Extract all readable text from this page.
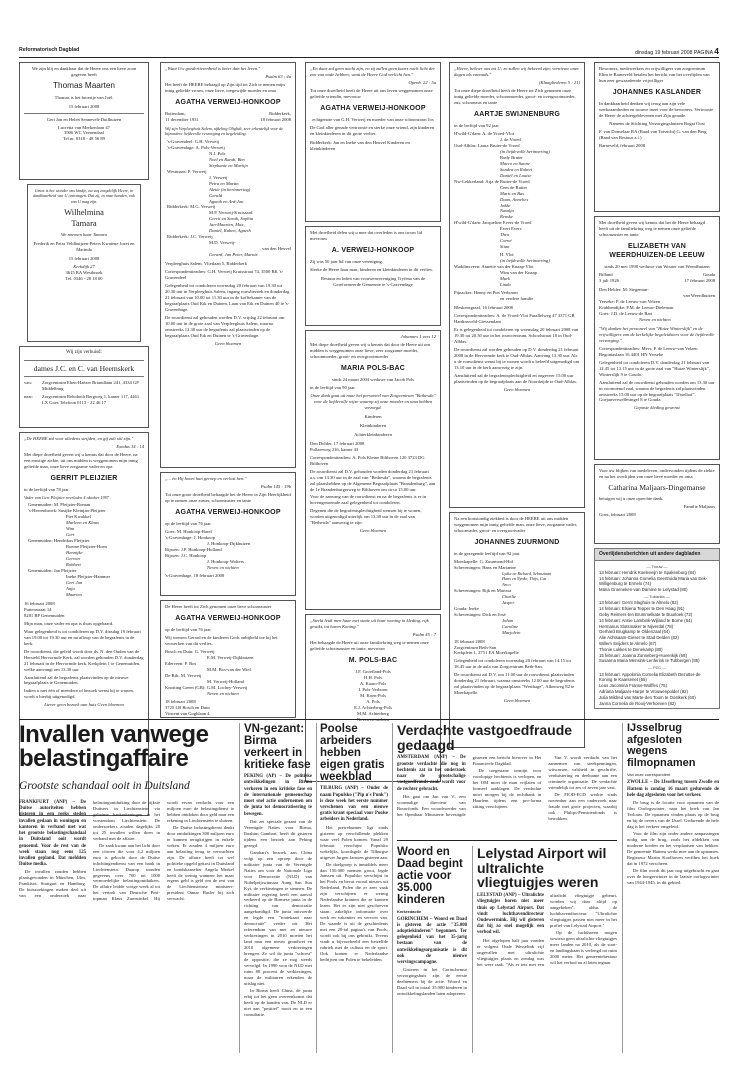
Reformatorisch Dagblad	dinsdag 19 februari 2008 PAGINA 4

We zijn blij en dankbaar dat de Heere ons een lieve zoon gegeven heeft

Thomas Maarten

Thomas is het broertje van Joël.

15 februari 2008

Gert Jan en Helen Sennevelt-Duifhuizen

Lucretia van Merkenlaan 47

3906 WC Veenendaal

Tel.nr. 0318 - 48 56 89

Groot is het wonder ons kindje, na vaş zorgdelijk Heere, in dankbaarheid van U ontvangen. Dat zij, in onze handen, ook van U mag zijn.

Wilhelmina
Tamara

We noemen haar Tamara

Frederik en Petra Veldhuijzen-Peters Kwatene Jozet en Marinda

15 februari 2008

Kerkdijk 27

3615 BA Westbroek

Tel. 0346 - 28 18 00

Wij zijn verhuisd:

dames J.C. en C. van Heemskerk
van:	Zorgcentrum Eben-Haëzer Briandlaan 241, 4334 GP Middelburg
naar:	Zorgcentrum Rehoboth Bergweg 1, kamer 117, 4461 LX Goes Telefoon 0113 - 22 46 17

„De HEERE zal voor uliedens strijden, en gij zult stil zijn."

Exodus 14 : 14

Met diepe droefheid geven wij u kennis dat door de Heere, na een ernstige ziekte, uit ons midden is weggenomen mijn innig geliefde man, onze lieve zorgzame vader en opa

GERRIT PLEIJZIER

in de leeftijd van 78 jaar.

Vader van Gert Pleijzier overleden 4 oktober 1997

Genemuiden: M. Pleijzier-Roman
's-Heerenbroek: Susijke Kleinjan-Pleijzier
Piet Kwakkel
Marleen en Klaas
Wim
Gert
Genemuiden: Hendrikus Pleijzier
Roeine Pleijzier-Hoen
Hennijke
Gerwin
Robbert
Genemuiden: Jan Pleijzier
Ineke Pleijzier-Hammer
Gert Jan
Anja
Maarten

16 februari 2008

Puttenstraat 14

8281 BP Genemuiden

Mijn man, onze vader en opa is thuis opgebaard.

Waar gelegenheid is tot condoleren op D.V. dinsdag 19 februari van 19.00 tot 19.30 uur en na afloop van de begrafenis in de kerk.

De rouwdienst, die geleid wordt door ds. N. den Ouden van de Hersteld Hervormde Kerk, zal worden gehouden D.V. donderdag 21 februari in de Hervormde kerk, Kerkplein 1 te Genemuiden, welke aanvangt om 13.30 uur.

Aansluitend zal de begrafenis plaatsvinden op de nieuwe begraafplaats te Genemuiden.

Indien u met één of meerdere of bezoek wenst bij te wonen, wordt u hierbij uitgenodigd.

Liever geen bezoek aan huis Geen bloemen

„Want Uw goedertierenheid is beter dan het leven."

Psalm 63 : 4a

Het heeft de HEERE behaagd op Zijn tijd tot Zich te nemen mijn innig geliefde vrouw, onze lieve, toegewijde moeder en oma

AGATHA VERWEIJ-HONKOOP
Botterdam,	Ridderkerk,
11 december 1931	18 februari 2008

Wij zijn Verpleeghuis Salem, afdeling Oliglidt, zeer erkentelijk voor de bijzondere liefdevolle verzorging en begeleiding.

's-Gravendeel: G.H. Verweij
's-Gravendage: A. Pols-Verweij
N.J. Pols
Noel en Randi, Ben
Stephanie en Martijn
Westmaas: P. Verweij
J. Verweij
Petra en Martin
Alette (in herinnering)
Gerald
Agneth en Ard-Jan
Ridderkerk: M.G. Verweij
M.P. Verweij-Kruisaard
Gerrit en Sarah, Sophia
Jan-Maarten, Max,
Daniël, Ruben, Agneth
Ridderkerk: J.C. Verweij
M.D. Verweij-
van den Heuvel
Gerard, Jan Peter, Marnix

Verpleeghuis Salem, Vlietlaan 5, Ridderkerk

Correspondentieadres: G.H. Verweij Kruisstraat 74, 3500 BK 's-Gravendeel

Gelegenheid tot condoleren woensdag 20 februari van 19.30 tot 20.30 uur in Verpleeghuis Salem, ingang rouwbezoek en donderdag 21 februari van 10.00 tot 11.30 uur in de koffiekamer van de begraafplaats Oud Kik en Duinen, Laan van Eik en Duinen 40 te 's-Gravenhage.

De rouwdienst zal gehouden worden D.V. vrijdag 22 februari om 10.00 uur in de grote zaal van Verpleeghuis Salem, waarna omstreeks 12.30 uur de begrafenis zal plaatsvinden op de begraafplaats Oud Eik en Duinen te 's-Gravenhage.

Geen bloemen

„... én Hij hoort hun geroep en verlost hen."

Psalm 145 : 19b

Tot onze grote droefheid behaagde het de Heere in Zijn Heerlijkheid op te nemen onze zuster, schoonzuster en tante

AGATHA VERWEIJ-HONKOOP

op de leeftijd van 76 jaar.

Goes: M. Honkoop-Barel
's-Gravenhage: J. Honkoop
J. Honkoop-Dijkhuizen
Rijssen: J.P. Honkoop-Holland
Rijssen: J.C. Honkoop
J. Honkoop-Wolters
Neven en nichten

's-Gravenhage, 18 februari 2008

De Heere heeft tot Zich genomen onze lieve schoonzuster

AGATHA VERWEIJ-HONKOOP

op de leeftijd van 76 jaar.

Wij wensen Gerard en de kinderen Gods onbijbeld toe bij het verwerken van dit verlies.

Bosch en Duin: G. Verweij
E.M. Verweij-Dijkhuizen
Ederveen: P. Bos
M.M. Bos-van der Wiel
De Bilt: M. Verweij
M. Verweij-Holland
Knotting Green (GB): G.M. Lochey-Verweij
Neven en nichten

18 februari 2008

3725 LB Bosch en Duin

Vincent van Goghlaan 4

„En daar zal geen nacht zijn, en zij zullen geen kaars noch licht der zon van node hebben; want de Heere God verlicht hen."

Openb. 22 : 5a

Tot onze droefheid heeft de Heere uit ons leven weggenomen onze geliefde vriendin, mevrouw

AGATHA VERWEIJ-HONKOOP

echtgenote van G.H. Verweij en moeder van onze schoonzoon Jos

De God aller genade vertrooste en sterke onze vriend, zijn kinderen en kleinkinderen in dit grote verlies.

Ridderkerk: Jan en Ineke van den Heuvel Kinderen en kleinkinderen

Met droefheid delen wij u mee dat overleden is ons trouw lid mevrouw

A. VERWEIJ-HONKOOP

Zij was 50 jaar lid van onze vereniging.

Sterke de Heere haar man, kinderen en kleinkinderen in dit verlies.

Bestuur en leden van vrouwenvereniging Tryfena van de Gereformeerde Gemeente te 's-Gravendage

Johannes 1 vers 12

Met diepe droefheid geven wij u kennis dat door de Heere uit ons midden is weggenomen onze lieve, zeer zorgzame moeder, schoonmoeder, groot- en overgrootmoeder

MARIA POLS-BAC

sinds 24 maart 2004 weduwe van Jacob Pols

in de leeftijd van 90 jaar.

Onze dank gaat uit naar het personeel van Zorgcentrum "Bethesda" voor de liefdevolle wijze waarop zij onze moeder en oma hebben verzorgd.

Kinderen

Kleinkinderen

Achterkleinkinderen

Den Dolder, 17 februari 2008

Pollaerweg 216, kamer 43

Correspondentieadres: A. Pols Kleine Bilthoven 120 3723 DG Bilthoven

De rouwdienst zal D.V. gehouden worden donderdag 21 februari a.s. om 13.30 uur in de zaal van "Bethesda", waarna de begrafenis zal plaatshebben op de Algemene Begraafplaats "Brandenburg", aan de 1e Brandenburgerweg te Bilthoven om circa 15.00 uur.

Voor de aanvang van de rouwdienst en na de begrafenis is er in bovengenoemde zaal gelegenheid tot condoleren.

Degenen die de begrafenisplechtigheid wensen bij te wonen, worden uitgenodigd uiterlijk om 13.30 uur in de zaal van "Bethesda" aanwezig te zijn.

Geen bloemen

„Sterkt leidt men haar met statie uit haar woning in kleding, rijk gestikt, tot haren Koning."

Psalm 45 : 7

Het behaagde de Heere uit onze familiekring weg te nemen onze geliefde schoonzuster en tante, mevrouw

M. POLS-BAC
J.F. Groefland-Pols
H.H. Pols
A. Kaaro-Pols
I. Pols-Verboon
M. Koen-Pols
A. Pols
E.J. Achterberg-Pols
M.M. Achterberg
Neven en nichten

„Heere, behoer ons tot U; zo zullen wij bekeerd zijn; vernieuw onze dagen als vanouds."

(Klaagliederen 5 : 21)

Tot onze diepe droefheid heeft de Heere tot Zich genomen onze innig geliefde moeder, schoonmoeder, groot- en overgrootmoeder, zus, schoonzus en tante

AARTJE SWIJNENBURG

in de leeftijd van 92 jaar.

H'wild-G'dam: A. de Vroed-Vlot
J. de Vroed
Oud-Alblas: Laura Bruter-de Vroed
(in liefdevolle herinnering)
Rudy Bruter
Marco en Sanne
Sandra en Robert
Daniël en Louise
Nw-Lekkerland: Arja de Ruiter-de Vroed
Cees de Ruiter
Marit en Bas
Daan, Annelies
Jokke
Natalja
Renske
H'wild-G'dam: Jacqueline Evers-de Vroed
Evert Evers
Theo
Corné
Stian
H. Vlot
(in liefdevolle herinnering)
Waddinxveen: Annette van der Knaap-Vlot
Wim van der Knaap
Mark
Linda
Pijnacker: Henny en Piet Verboom
en verdere familie

Bleskensgraaf, 16 februari 2008

Correspondentieadres: A. de Vroed-Vlot Parallelweg 47 3371 GB Hardinxveld-Giessendam

Er is gelegenheid tot condoleren op woensdag 20 februari 2008 van 19.30 tot 20.30 uur in het rouwcentrum, Schoolstraat 18 in Oud-Alblas.

De rouwdienst zal worden gehouden op D.V. donderdag 21 februari 2008 in de Hervormde kerk te Oud-Alblas. Aanvang 13.30 uur. Als u de rouwdienst wenst bij te wonen wordt u beleefd uitgenodigd om 13.10 uur in de kerk aanwezig te zijn.

Aansluitend zal de begrafenisplechtigheid en ongeveer 15.00 uur plaatsvinden op de begraafplaats aan de Noordzijde te Oud-Alblas.

Geen bloemen

Na een kortstondig ziekbed is door de HEERE uit ons midden weggenomen mijn innig geliefde man, onze lieve, zorgzame vader, schoonvader, groot- en overgrootvader

JOHANNES ZUURMOND

in de gezegende leeftijd van 92 jaar.

Moerkapelle: G. Zuurmond-Hol
Scheveningen: Hans en Marianne
Lydia en Richard, Sebastiaan
Hans en Nynke, Thijs, Cas
Arco
Scheveningen: Rijk en Marissa
Charlie
Jasper
Gouda: Ineke
Scheveningen: Dick en José
Johan
Caroline
Marjolein

18 februari 2008

Zorgcentrum Beth-San

Kerkplein 1, 2751 EA Moerkapelle

Gelegenheid tot condoleren woensdag 20 februari van 14.15 tot 18.45 uur in de aula van Zorgcentrum Beth-San.

De rouwdienst zal D.V. om 11.00 uur de rouwdienst plaatsvinden donderdag 21 februari, waarna omstreeks 12.00 uur de begrafenis zal plaatsvinden op de begraafplaats "Westhage", Alkenweg 82 te Moerkapelle.

Geen bloemen

Bewoners, medewerkers en vrijwilligers van zorgcentrum Elim te Barneveld betalen het bericht van het overlijden van hun zeer gewaardeerde vrijwilliger

JOHANNES KASLANDER

In dankbaarheid denken wij terug aan zijn vele werkzaamheden en trouwe inzet voor de bewoners. Vertrooste de Heere de achtergeblevenen met Zijn genade.

Namens de Stichting Verzorgingshuizen Rogat Oost

F. van Donselaar RA (Raad van Toezicht) G. van den Berg (Raad van Bestuur a.i.)

Barneveld, februari 2008

Met droefheid geven wij kennis dat het de Heere behaagd heeft uit de familiekring weg te nemen onze geliefde schoonzuster en tante

ELIZABETH VAN WEERDHUIZEN-DE LEEUW

sinds 20 mei 1998 weduwe van Wouter van Weerdhuizen

Billand	Gouda
3 juli 1926	17 februari 2008
Den Helder: M. Stegeman-
van Weerdhuizen
Yerseke: P. de Leeuw-van Velzen
Krabbendijke: P.M. de Leeuw-Dieleman
Goes: J.D. de Leeuw-de Bart
Neven en nichten

"Wij danken het personeel van "Huize Winterslijk" en de vrijwilligers van de kerkelijke begeleidsters voor de liefdevolle verzorging."

Correspondentieadres: Mevr. P. de Leeuw-van Velzen Begoniaslaan 16 4401 HN Yerseke

Gelegenheid tot condoleren D.V. donderdag 21 februari van 12.45 tot 13.15 uur in de grote zaal van "Huize Winterslijk", Winterslijk 9 te Gouda.

Aansluitend zal de rouwdienst gehouden worden om 13.30 uur in voornoemd zaal, waarna de begrafenis zal plaatsvinden omstreeks 15.00 uur op de begraafplaats "IJsselhof", Goejanverwellesingel 8 te Gouda.

Gepaste kleding gewenst

Voor uw blijken van medeleven, ondervonden tijdens de ziekte en na het overlijden van onze lieve moeder en oma

Catharina Maljaars-Dingemanse

betuigen wij u onze oprechte dank.

Familie Maljaars

Goes, februari 2008

Overlijdensberichten uit andere dagbladen
— Trouw —
13 februari: Hendrik Koeleveijn te Spakenburg (84)
14 februari: Johanna Cornelia Geertruida Maria van Eek-Willigenburg te Ermelo (74)
Maria Groeneken-van Damme te Lelystad (80)
— Tubantia —
13 februari: Gerrit Slaghuis te Almelo (82)
14 februari: Elsiena Tepper te Den Haag (91)
Geby Reimers-ten Brummelkate te Buurloek (72)
14 februari: Annie Lambink-Wijland te Borne (64)
Hermanus Slotsmaker te Nijverdal (78)
Gerhard Brugkamp te Oldenzaal (64)
Alie Achtsaam-Gieser te Stad Delden (82)
Willem Snijders te Almelo (67)
Thonie Lukkes te Denekamp (80)
15 februari: Joanna Zunneberg-Huvenkijk (68)
Susanna Maria Mensink-Lenferink te Tubbergen (85)
— PZC —
13 februari: Appolonia Cornelia Elizabeth Dezutter-de Koning te Kaarsenet (65)
Leus Jacomina Franse-Wolffes (75)
Adriana Maljaars-Harpe te Vrouwenpolder (82)
Julia Mildred van Marte-den Toom te Oostkerk (60)
Janna Cornelia de Rooij-Verhoeven (82)
Invallen vanwege belastingaffaire
Grootste schandaal ooit in Duitsland

FRANKFURT (ANP) – De Duitse autoriteiten hebben gisteren in een reeks steden invallen gedaan in woningen en kantoren in verband met wat het grootste belastingschandaal in Duitsland ooit wordt genoemd. Voor de rest van de week staan nog eens 125 invallen gepland. Dat meldden Duitse media.

De invallen zouden hebben plaatsgevonden in München, Ulm, Frankfurt, Stuttgart en Hamburg. De huiszoekingen maken deel uit van een onderzoek naar belastingontduiking door de rijkste Duitsers in Liechtenstein via geheime bankrekeningen in het vorstendom Liechtenstein. De onderzoekers zouden dagelijks 20 tot 25 invallen willen doen in verband met de affaire.

De zaak kwam aan het licht door een citroen die voor 4,2 miljoen euro is gekocht door de Duitse inlichtingendienst van een bank in Liechtenstein. Daarop stonden gegevens over 700 tot 1000 vermoedelijke belastingontduikers. De affaire leidde vorige week al tot het vertrek van Deutsche Post-topman Klaus Zumwinkel. Hij wordt ervan verdacht voor een miljoen euro de belastingdienst te hebben ontdoken door geld naar een rekening in Liechtenstein te sluizen.

De Duitse belastingdienst denkt door ontduikingen 300 miljoen euro te kunnen terugkrijgen in enkele weken. Er zouden 4 miljoen euro aan belasting terug te verwachten zijn. De affaire heeft tot wel politieke opgeld gekost in Duitsland en bondskanselier Angela Merkel heeft de weinig wanneer het maar ergens geld is geld om de rest van de Liechtensteinse ministers-president Otmar Hasler bij zich verwacht.

VN-gezant:
Birma verkeert in kritieke fase

PEKING (AP) – De politieke ontwikkelingen in Birma verkeren in een kritieke fase en de internationale gemeenschap moet snel actie ondernemen om de junta tot democratisering te bewegen.

Dat zei speciale gezant van de Verenigde Naties voor Birma, Ibrahim Gambari, heeft dit gisteren tijdens een bezoek aan Peking gezegd.

Gambari's bezoek aan China volgt op een oproep door de militaire junta van de Verenigde Naties om voor de Nationale Liga voor Democratie (NLD) van Nobelprijswinnaar Aung San Suu Kyi, de verkiezingen te steunen. De militaire regering heeft een aanval verkeerd op de Birmese junta in de richting van democratie aangekondigd. De junta ontvoerde en legde een "routekaart naar democratie" verder uit. Het referendum van mei en nieuwe verkiezingen in 2010 moeten het land naar een nieuw grondwet en 2010 algemene verkiezingen brengen. Ze wil de junta "schorst" de oppositie, die ze nog steeds vervolgd. In 1990 won de NLD met ruim 80 procent de verkiezingen, maar de militairen erkenden de uitslag niet.

In Birma heeft China, de junta erbij tot het geen overeenkomst dat heeft op de banden van. De NLD er niet aan "positief" nooit en in een consultatie.

Poolse arbeiders hebben eigen gratis weekblad

TILBURG (ANP) – Onder de naam Populsko ("Pip n's Punk") is deze week het eerste nummer verschenen van een nieuwe gratis krant speciaal voor Poolse arbeiders in Nederland.

Het pretrekunner ligt sinds gisteren op verschillende plekken waar veel Polen komen. Vanaf 29 februari verschijnt Populsko wekelijks, koordsgele de Tilburgse uitgever Jurgen Janssen gisteren aan.

De doelgroep is inmiddels meer dan 150.000 mensen groot, legde Janssen uit. Populsko verschijnt in het Pools en bevat vooral nieuws uit Nederland. Polen die er zeer vaak zijn verschijnen er weinig Nederlandse kranten die ze kunnen lezen. Het er zijn niet geschreven staan: zakelijke informatie over werk en vakanties en vervoer van. De waarde is uit de geschiedenis met een 20-tal pagina's van Pools; wordt ook bij ons gebruikt. Tevens vindt u bijvoorbeeld een hetzelfde rubriek met de cultuur en de sport. Ook komen er Nederlandse bedrijven om Polen te bekeleiden.

Verdachte vastgoedfraude gedaagd

AMSTERDAM (ANP) – De grootste verdachte die nog in hechtenis zat in het onderzoek naar de grootschalige vastgoedfraude-zaak wordt voor de rechter gebracht.

Het gaat om Jan van V., een voormalige directeur van Bouwfonds. Een woordvoerder van het Openbaar Ministerie bevestigde gisteren een bericht hierover in Het Financieele Dagblad.

De toegestane termijn voor voorlopige hechtenis is verlopen, en het OM moet de man vrijlaten of formeel aanklagen. De verdachte moet morgen bij de rechtbank in Haarlem tijdens een pro-forma zitting verschijnen.

Van V. wordt verdacht van het aannemen van steekpenningen, witwassen, valsheid in geschrifte, verduistering en deelname aan een criminele organisatie. De verdachte vriendelijk tot zes of zeven jaar vast.

De FIOD-ECD werkte sinds november aan een onderzoek naar fraude met grote projecten, waarbij ook Philips-Pensioenfonds is betrokken.

Woord en Daad begint actie voor 35.000 kinderen
Kerkredactie

GORINCHEM – Woord en Daad is gisteren de actie "35.000 adoptiekinderen" begonnen. Ter gelegenheid van het 35-jarig bestaan van de ontwikkelingsorganisatie is dit ook de nieuwe wervingscampagne.

Gisteren in het Gorinchemse verzorgingshuis zijn de eerste deelnemers bij de actie. Woord en Daad wil in totaal 35.000 kinderen in ontwikkelingslanden laten adopteren.

Lelystad Airport wil ultralichte vliegtuigjes weren

LELYSTAD (ANP) – Ultralichte vliegtuigjes horen niet meer thuis op Lelystad Airport. Dat vindt luchthavendirecteur Oudewermink. Hij wil gisteren dat hij zo snel mogelijk een verbod wil.

Het afgelopen half jaar vonden er volgens Oude Wesselink vijf ongevallen met ultralichte vliegtuigjes plaats en zondag was het weer raak. "Als er iets met een ultralicht vliegtuigje gebeurt, worden wij daar altijd op aangekeken", aldus de luchthavendirecteur. "Ultralichte vliegtuigjes passen niet meer in het profiel van Lelystad Airport."

Op de luchthaven mogen sowieso geen ultralichte vliegtuigjes meer landen na 2010, als de start- en landingsbaan is verlengd tot ruim 2000 meter. Het gemeentebestuur wil het verbod nu al laten ingaan.

IJsselbrug afgesloten wegens filmopnamen
Van onze correspondent

ZWOLLE – De IJsselbrug tussen Zwolle en Hattem is zondag 16 maart gedurende de hele dag afgesloten voor het verkeer.

De brug is de locatie voor opnamen van de film Oorlogswinter, naar het boek van Jan Terlouw. De opnamen vinden plaats op de brug en bij de oevers van de IJssel. Gedurende de hele dag is het verkeer omgeleid.

Voor de film zijn onder andere aanpassingen nodig aan de brug, zoals het afdekken van moderne borden en het verplaatsen van hekken. De gemeente Hattem werkt mee aan de opnamen. Regisseur Martin Koolhoven verfilmt het boek dat in 1972 verscheen.

De film wordt dit jaar nog uitgebracht en gaat over de hongerwinter in de laatste oorlogswinter van 1944-1945, in dit gebied.
